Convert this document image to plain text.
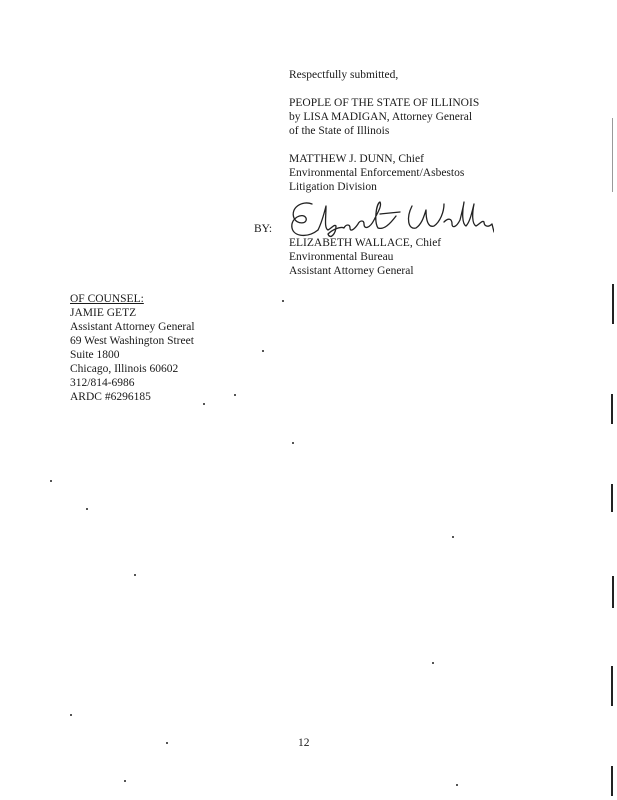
Respectfully submitted,
PEOPLE OF THE STATE OF ILLINOIS
by LISA MADIGAN, Attorney General
of the State of Illinois
MATTHEW J. DUNN, Chief
Environmental Enforcement/Asbestos
Litigation Division
BY:
ELIZABETH WALLACE, Chief
Environmental Bureau
Assistant Attorney General
OF COUNSEL:
JAMIE GETZ
Assistant Attorney General
69 West Washington Street
Suite 1800
Chicago, Illinois 60602
312/814-6986
ARDC #6296185
12
